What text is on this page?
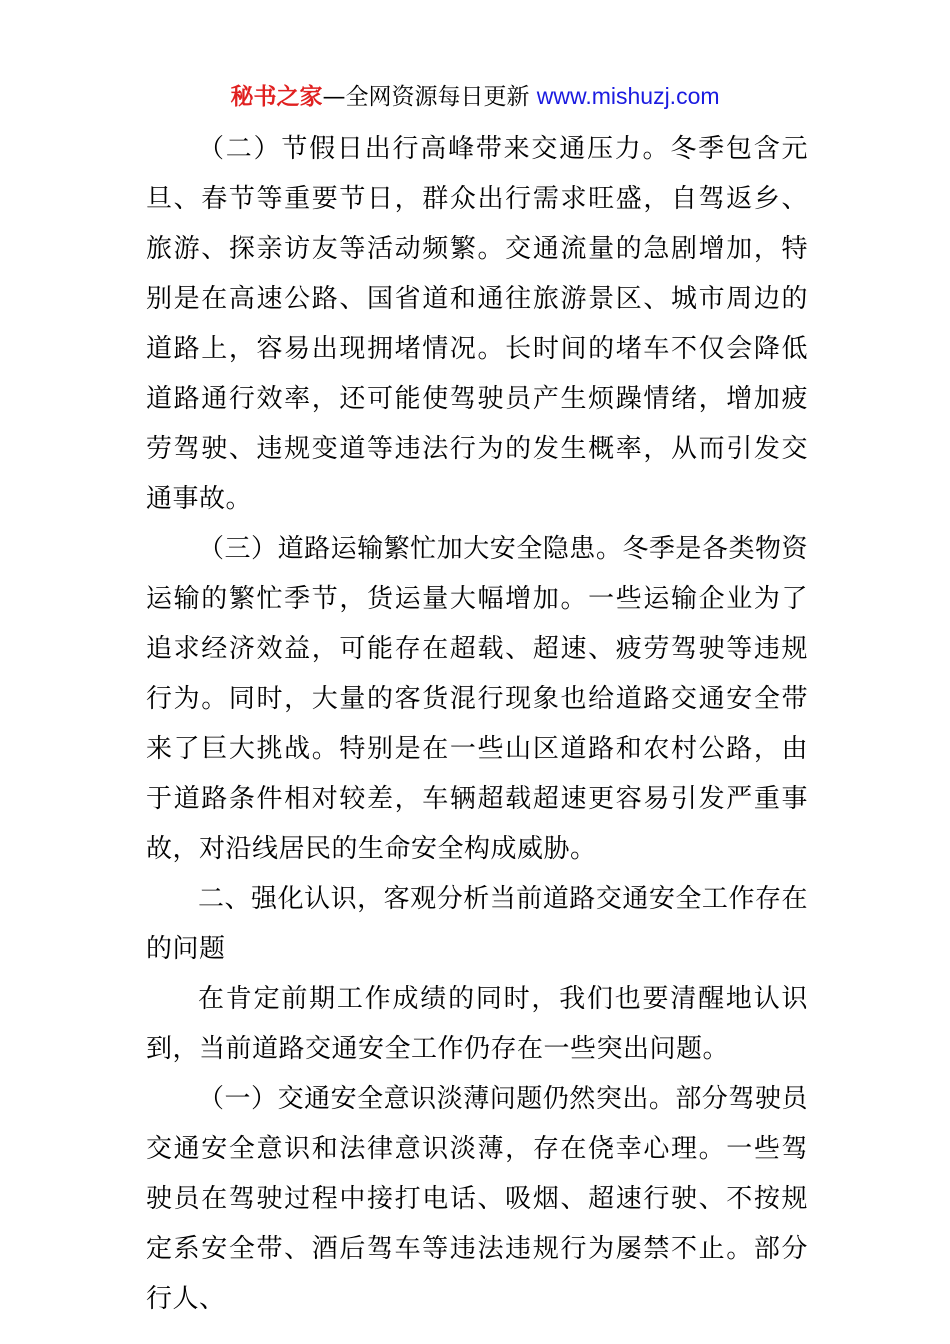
秘书之家—全网资源每日更新 www.mishuzj.com

（二）节假日出行高峰带来交通压力。冬季包含元旦、春节等重要节日，群众出行需求旺盛，自驾返乡、旅游、探亲访友等活动频繁。交通流量的急剧增加，特别是在高速公路、国省道和通往旅游景区、城市周边的道路上，容易出现拥堵情况。长时间的堵车不仅会降低道路通行效率，还可能使驾驶员产生烦躁情绪，增加疲劳驾驶、违规变道等违法行为的发生概率，从而引发交通事故。

（三）道路运输繁忙加大安全隐患。冬季是各类物资运输的繁忙季节，货运量大幅增加。一些运输企业为了追求经济效益，可能存在超载、超速、疲劳驾驶等违规行为。同时，大量的客货混行现象也给道路交通安全带来了巨大挑战。特别是在一些山区道路和农村公路，由于道路条件相对较差，车辆超载超速更容易引发严重事故，对沿线居民的生命安全构成威胁。

二、强化认识，客观分析当前道路交通安全工作存在的问题

在肯定前期工作成绩的同时，我们也要清醒地认识到，当前道路交通安全工作仍存在一些突出问题。

（一）交通安全意识淡薄问题仍然突出。部分驾驶员交通安全意识和法律意识淡薄，存在侥幸心理。一些驾驶员在驾驶过程中接打电话、吸烟、超速行驶、不按规定系安全带、酒后驾车等违法违规行为屡禁不止。部分行人、
